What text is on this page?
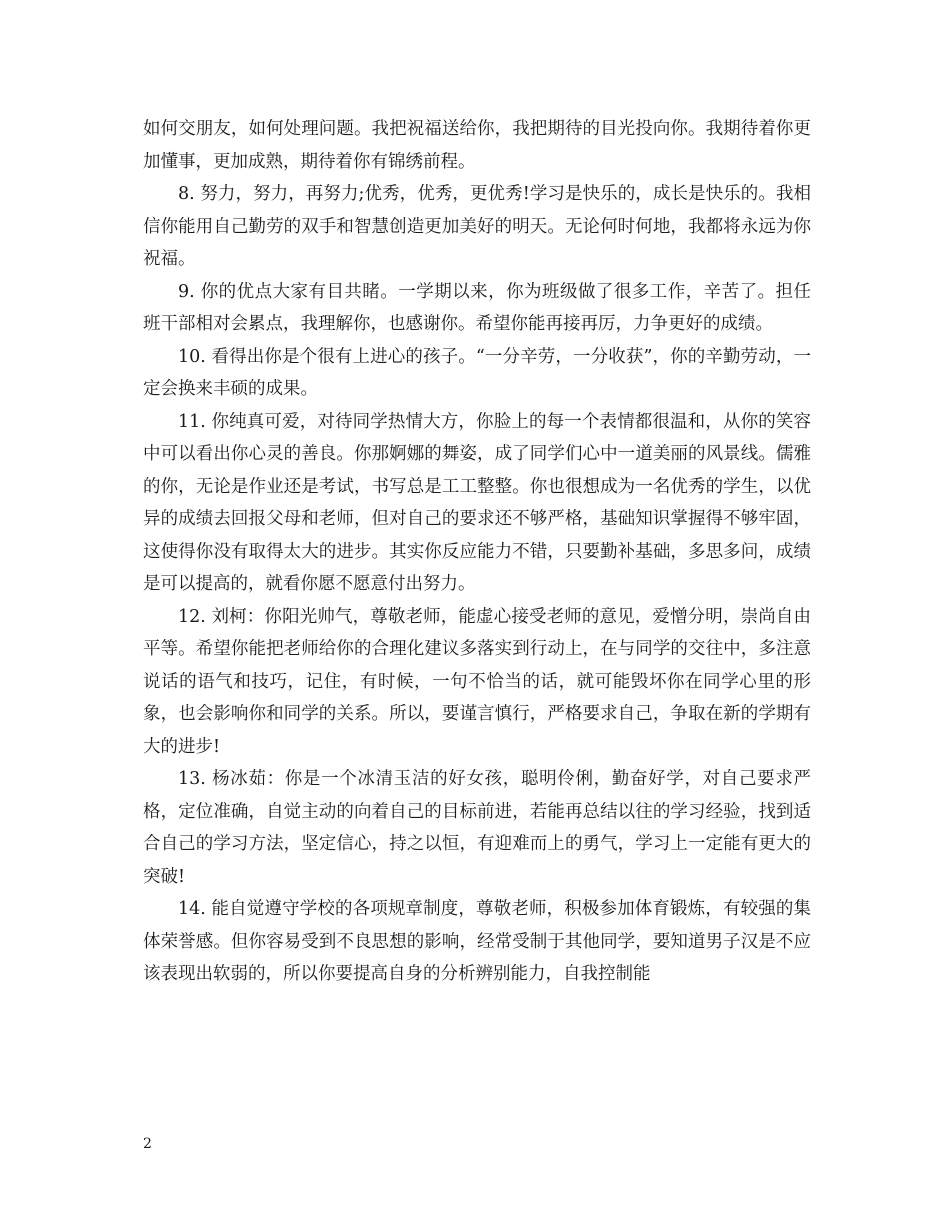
如何交朋友，如何处理问题。我把祝福送给你，我把期待的目光投向你。我期待着你更加懂事，更加成熟，期待着你有锦绣前程。

8. 努力，努力，再努力;优秀，优秀，更优秀!学习是快乐的，成长是快乐的。我相信你能用自己勤劳的双手和智慧创造更加美好的明天。无论何时何地，我都将永远为你祝福。

9. 你的优点大家有目共睹。一学期以来，你为班级做了很多工作，辛苦了。担任班干部相对会累点，我理解你，也感谢你。希望你能再接再厉，力争更好的成绩。

10. 看得出你是个很有上进心的孩子。“一分辛劳，一分收获”，你的辛勤劳动，一定会换来丰硕的成果。

11. 你纯真可爱，对待同学热情大方，你脸上的每一个表情都很温和，从你的笑容中可以看出你心灵的善良。你那婀娜的舞姿，成了同学们心中一道美丽的风景线。儒雅的你，无论是作业还是考试，书写总是工工整整。你也很想成为一名优秀的学生，以优异的成绩去回报父母和老师，但对自己的要求还不够严格，基础知识掌握得不够牢固，这使得你没有取得太大的进步。其实你反应能力不错，只要勤补基础，多思多问，成绩是可以提高的，就看你愿不愿意付出努力。

12. 刘柯：你阳光帅气，尊敬老师，能虚心接受老师的意见，爱憎分明，崇尚自由平等。希望你能把老师给你的合理化建议多落实到行动上，在与同学的交往中，多注意说话的语气和技巧，记住，有时候，一句不恰当的话，就可能毁坏你在同学心里的形象，也会影响你和同学的关系。所以，要谨言慎行，严格要求自己，争取在新的学期有大的进步!

13. 杨冰茹：你是一个冰清玉洁的好女孩，聪明伶俐，勤奋好学，对自己要求严格，定位准确，自觉主动的向着自己的目标前进，若能再总结以往的学习经验，找到适合自己的学习方法，坚定信心，持之以恒，有迎难而上的勇气，学习上一定能有更大的突破!

14. 能自觉遵守学校的各项规章制度，尊敬老师，积极参加体育锻炼，有较强的集体荣誉感。但你容易受到不良思想的影响，经常受制于其他同学，要知道男子汉是不应该表现出软弱的，所以你要提高自身的分析辨别能力，自我控制能

2
